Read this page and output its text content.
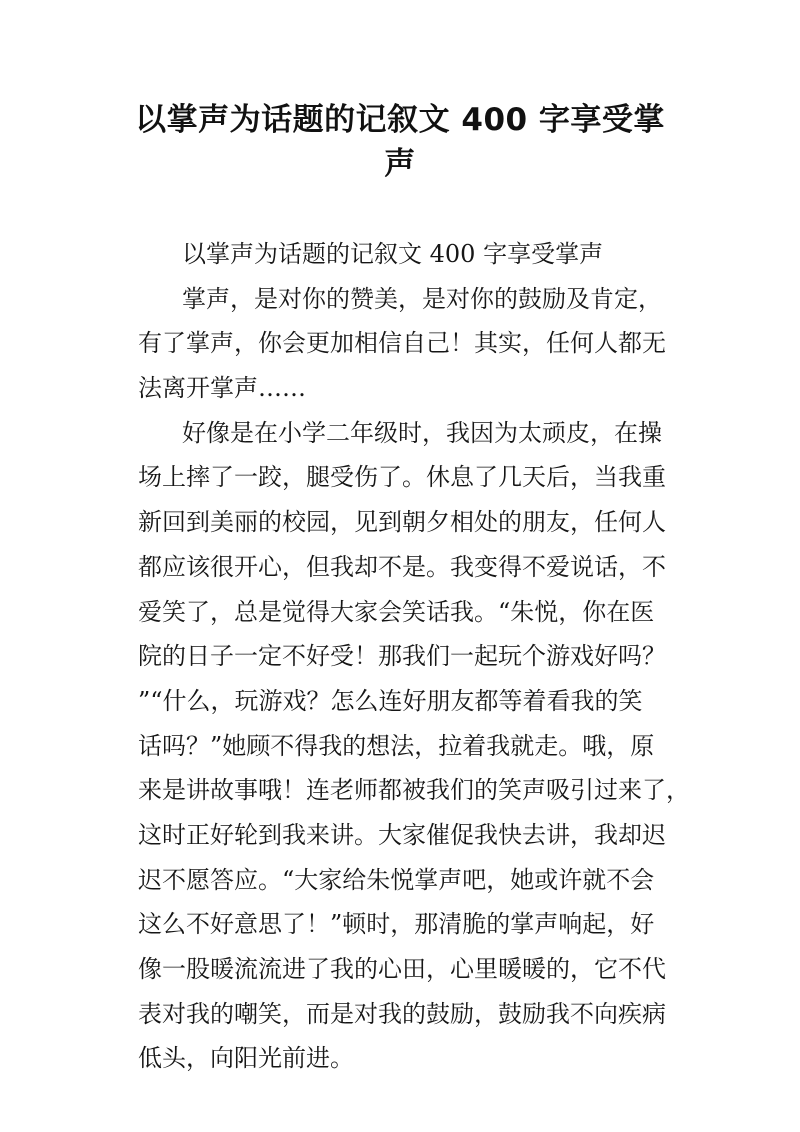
以掌声为话题的记叙文 400 字享受掌
声
以掌声为话题的记叙文 400 字享受掌声
掌声，是对你的赞美，是对你的鼓励及肯定，
有了掌声，你会更加相信自己！其实，任何人都无
法离开掌声……
好像是在小学二年级时，我因为太顽皮，在操
场上摔了一跤，腿受伤了。休息了几天后，当我重
新回到美丽的校园，见到朝夕相处的朋友，任何人
都应该很开心，但我却不是。我变得不爱说话，不
爱笑了，总是觉得大家会笑话我。“朱悦，你在医
院的日子一定不好受！那我们一起玩个游戏好吗？
”“什么，玩游戏？怎么连好朋友都等着看我的笑
话吗？”她顾不得我的想法，拉着我就走。哦，原
来是讲故事哦！连老师都被我们的笑声吸引过来了，
这时正好轮到我来讲。大家催促我快去讲，我却迟
迟不愿答应。“大家给朱悦掌声吧，她或许就不会
这么不好意思了！”顿时，那清脆的掌声响起，好
像一股暖流流进了我的心田，心里暖暖的，它不代
表对我的嘲笑，而是对我的鼓励，鼓励我不向疾病
低头，向阳光前进。
